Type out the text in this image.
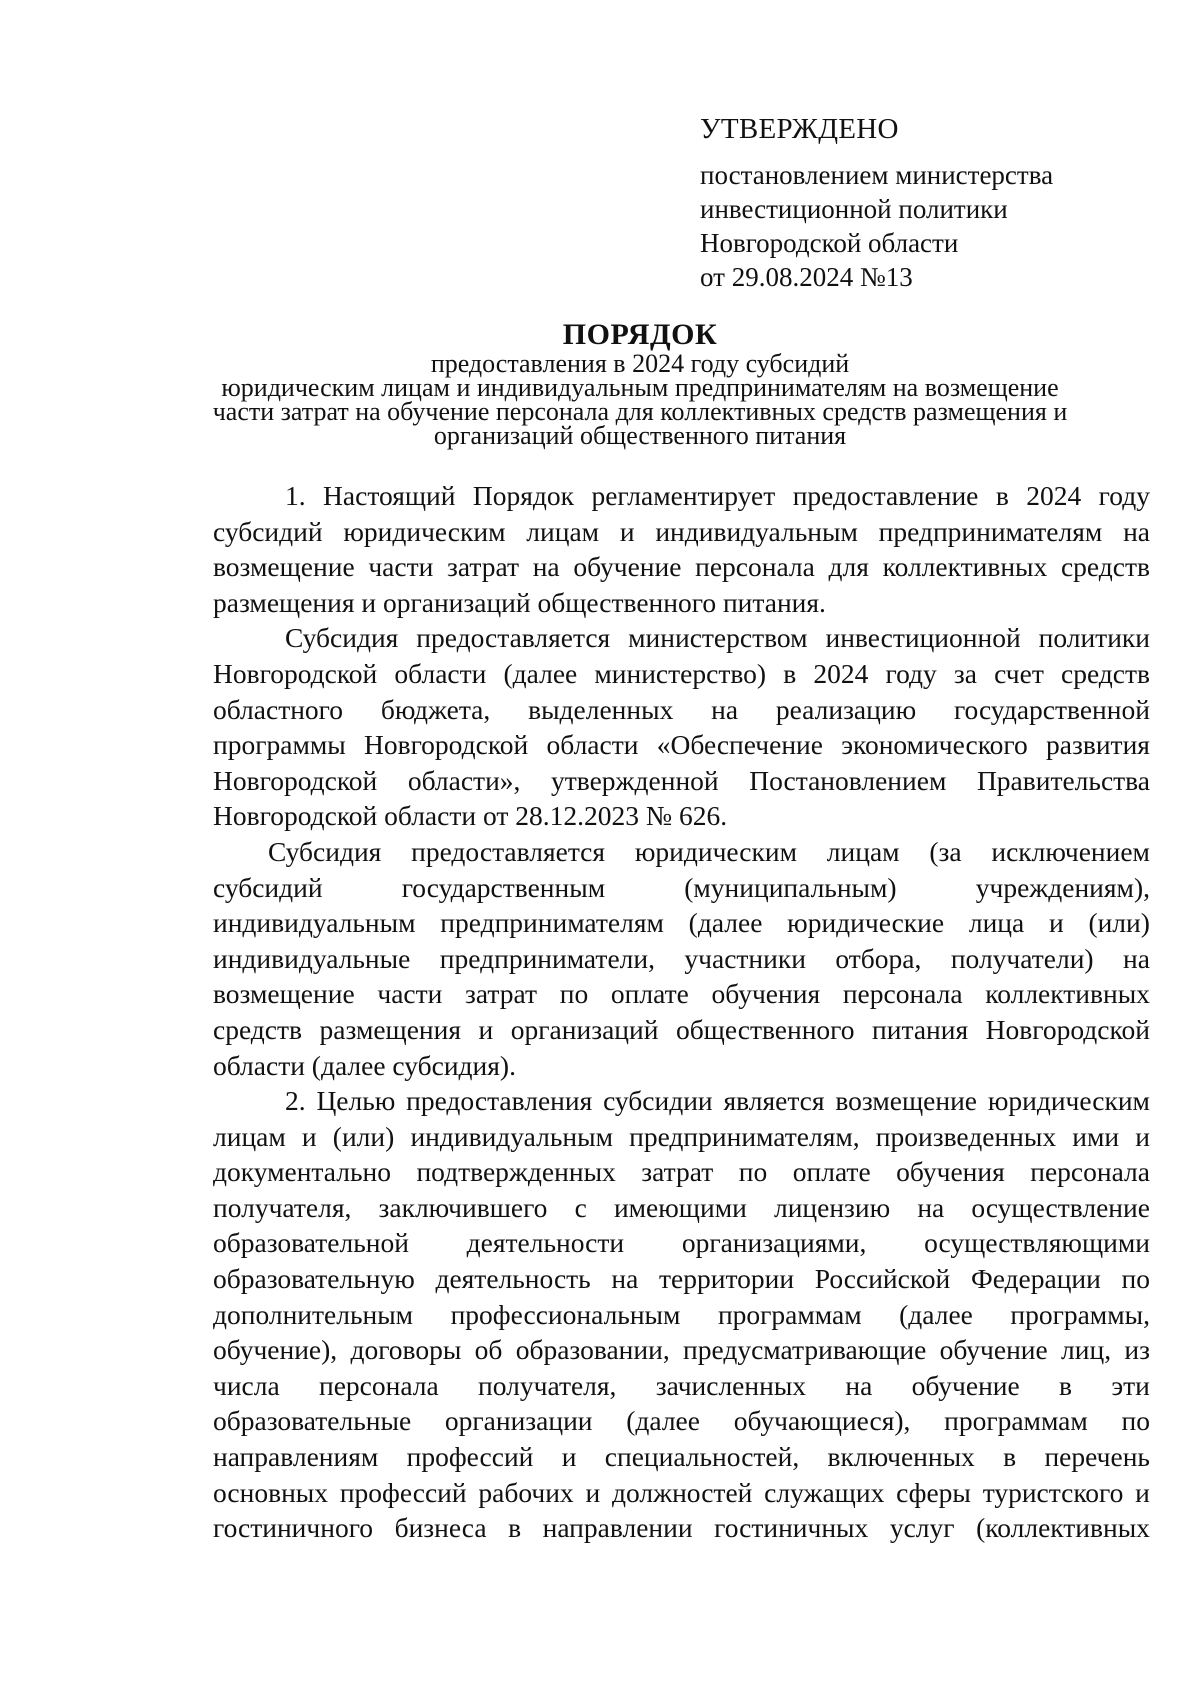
УТВЕРЖДЕНО
постановлением министерства
инвестиционной политики
Новгородской области
от 29.08.2024 №13
ПОРЯДОК
предоставления в 2024 году субсидий
юридическим лицам и индивидуальным предпринимателям на возмещение
части затрат на обучение персонала для коллективных средств размещения и
организаций общественного питания
1. Настоящий Порядок регламентирует предоставление в 2024 году
субсидий юридическим лицам и индивидуальным предпринимателям на
возмещение части затрат на обучение персонала для коллективных средств
размещения и организаций общественного питания.
Субсидия предоставляется министерством инвестиционной политики
Новгородской области (далее министерство) в 2024 году за счет средств
областного бюджета, выделенных на реализацию государственной
программы Новгородской области «Обеспечение экономического развития
Новгородской области», утвержденной Постановлением Правительства
Новгородской области от 28.12.2023 № 626.
Субсидия предоставляется юридическим лицам (за исключением
субсидий	государственным	(муниципальным)	учреждениям),
индивидуальным предпринимателям (далее юридические лица и (или)
индивидуальные предприниматели, участники отбора, получатели) на
возмещение части затрат по оплате обучения персонала коллективных
средств размещения и организаций общественного питания Новгородской
области (далее субсидия).
2. Целью предоставления субсидии является возмещение юридическим
лицам и (или) индивидуальным предпринимателям, произведенных ими и
документально подтвержденных затрат по оплате обучения персонала
получателя, заключившего с имеющими лицензию на осуществление
образовательной деятельности организациями, осуществляющими
образовательную деятельность на территории Российской Федерации по
дополнительным профессиональным программам (далее программы,
обучение), договоры об образовании, предусматривающие обучение лиц, из
числа персонала получателя, зачисленных на обучение в эти
образовательные организации (далее обучающиеся), программам по
направлениям профессий и специальностей, включенных в перечень
основных профессий рабочих и должностей служащих сферы туристского и
гостиничного бизнеса в направлении гостиничных услуг (коллективных
